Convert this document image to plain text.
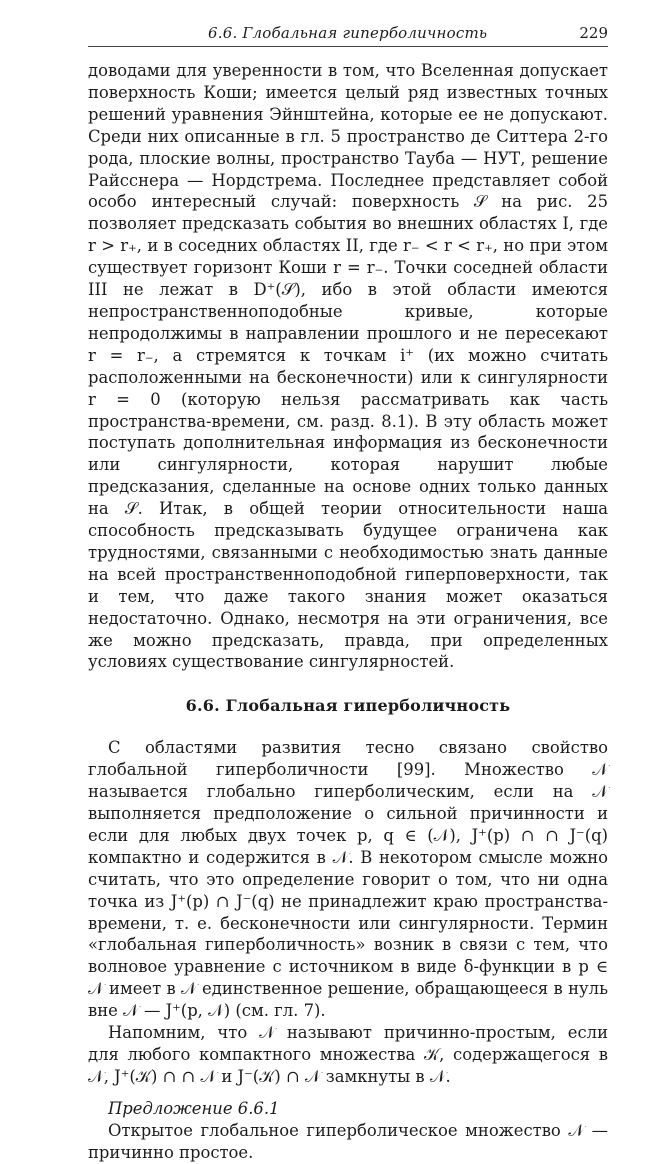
6.6. Глобальная гиперболичность	229

доводами для уверенности в том, что Вселенная допускает поверхность Коши; имеется целый ряд известных точных решений уравнения Эйнштейна, которые ее не допускают. Среди них описанные в гл. 5 пространство де Ситтера 2-го рода, плоские волны, пространство Тауба — НУТ, решение Райсснера — Нордстрема. Последнее представляет собой особо интересный случай: поверхность 𝒮 на рис. 25 позволяет предсказать события во внешних областях I, где r > r₊, и в соседних областях II, где r₋ < r < r₊, но при этом существует горизонт Коши r = r₋. Точки соседней области III не лежат в D⁺(𝒮), ибо в этой области имеются непространственноподобные кривые, которые непродолжимы в направлении прошлого и не пересекают r = r₋, а стремятся к точкам i⁺ (их можно считать расположенными на бесконечности) или к сингулярности r = 0 (которую нельзя рассматривать как часть пространства-времени, см. разд. 8.1). В эту область может поступать дополнительная информация из бесконечности или сингулярности, которая нарушит любые предсказания, сделанные на основе одних только данных на 𝒮. Итак, в общей теории относительности наша способность предсказывать будущее ограничена как трудностями, связанными с необходимостью знать данные на всей пространственноподобной гиперповерхности, так и тем, что даже такого знания может оказаться недостаточно. Однако, несмотря на эти ограничения, все же можно предсказать, правда, при определенных условиях существование сингулярностей.

6.6. Глобальная гиперболичность

С областями развития тесно связано свойство глобальной гиперболичности [99]. Множество 𝒩 называется глобально гиперболическим, если на 𝒩 выполняется предположение о сильной причинности и если для любых двух точек p, q ∈ (𝒩), J⁺(p) ∩ ∩ J⁻(q) компактно и содержится в 𝒩. В некотором смысле можно считать, что это определение говорит о том, что ни одна точка из J⁺(p) ∩ J⁻(q) не принадлежит краю пространства-времени, т. е. бесконечности или сингулярности. Термин «глобальная гиперболичность» возник в связи с тем, что волновое уравнение с источником в виде δ-функции в p ∈ 𝒩 имеет в 𝒩 единственное решение, обращающееся в нуль вне 𝒩 — J⁺(p, 𝒩) (см. гл. 7).

Напомним, что 𝒩 называют причинно-простым, если для любого компактного множества 𝒦, содержащегося в 𝒩, J⁺(𝒦) ∩ ∩ 𝒩 и J⁻(𝒦) ∩ 𝒩 замкнуты в 𝒩.

Предложение 6.6.1

Открытое глобальное гиперболическое множество 𝒩 — причинно простое.
